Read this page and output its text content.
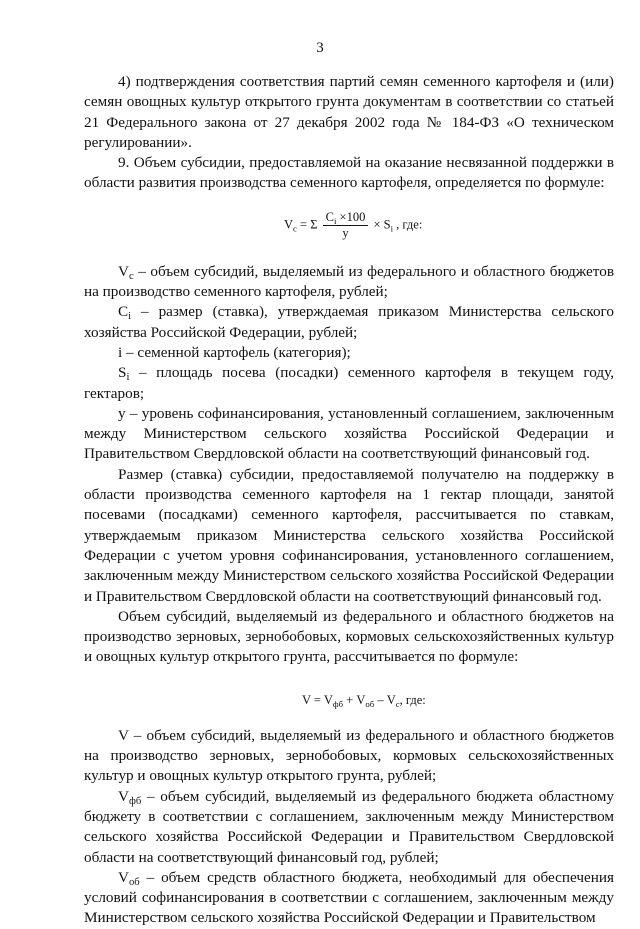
3

4) подтверждения соответствия партий семян семенного картофеля и (или) семян овощных культур открытого грунта документам в соответствии со статьей 21 Федерального закона от 27 декабря 2002 года № 184-ФЗ «О техническом регулировании».

9. Объем субсидии, предоставляемой на оказание несвязанной поддержки в области развития производства семенного картофеля, определяется по формуле:

$V_c = \Sigma \frac{C_i \times 100}{y} \times S_i$ , где:

$V_c$ – объем субсидий, выделяемый из федерального и областного бюджетов на производство семенного картофеля, рублей;

$C_i$ – размер (ставка), утверждаемая приказом Министерства сельского хозяйства Российской Федерации, рублей;

i – семенной картофель (категория);

$S_i$ – площадь посева (посадки) семенного картофеля в текущем году, гектаров;

y – уровень софинансирования, установленный соглашением, заключенным между Министерством сельского хозяйства Российской Федерации и Правительством Свердловской области на соответствующий финансовый год.

Размер (ставка) субсидии, предоставляемой получателю на поддержку в области производства семенного картофеля на 1 гектар площади, занятой посевами (посадками) семенного картофеля, рассчитывается по ставкам, утверждаемым приказом Министерства сельского хозяйства Российской Федерации с учетом уровня софинансирования, установленного соглашением, заключенным между Министерством сельского хозяйства Российской Федерации и Правительством Свердловской области на соответствующий финансовый год.

Объем субсидий, выделяемый из федерального и областного бюджетов на производство зерновых, зернобобовых, кормовых сельскохозяйственных культур и овощных культур открытого грунта, рассчитывается по формуле:

$V = V_{фб} + V_{об} - V_c$, где:

V – объем субсидий, выделяемый из федерального и областного бюджетов на производство зерновых, зернобобовых, кормовых сельскохозяйственных культур и овощных культур открытого грунта, рублей;

$V_{фб}$ – объем субсидий, выделяемый из федерального бюджета областному бюджету в соответствии с соглашением, заключенным между Министерством сельского хозяйства Российской Федерации и Правительством Свердловской области на соответствующий финансовый год, рублей;

$V_{об}$ – объем средств областного бюджета, необходимый для обеспечения условий софинансирования в соответствии с соглашением, заключенным между Министерством сельского хозяйства Российской Федерации и Правительством
